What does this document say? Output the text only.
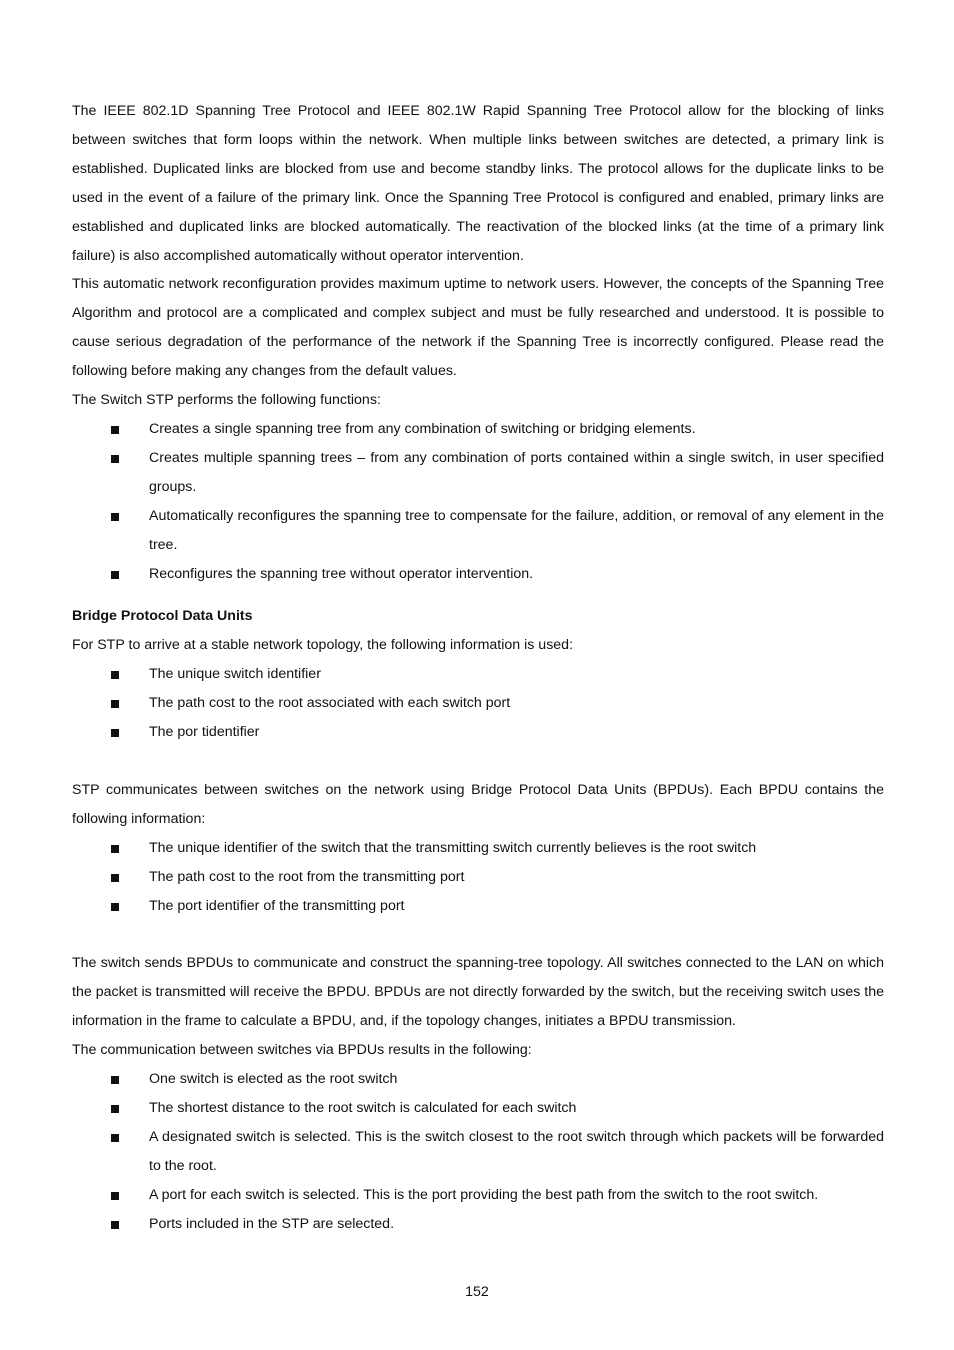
The IEEE 802.1D Spanning Tree Protocol and IEEE 802.1W Rapid Spanning Tree Protocol allow for the blocking of links between switches that form loops within the network. When multiple links between switches are detected, a primary link is established. Duplicated links are blocked from use and become standby links. The protocol allows for the duplicate links to be used in the event of a failure of the primary link. Once the Spanning Tree Protocol is configured and enabled, primary links are established and duplicated links are blocked automatically. The reactivation of the blocked links (at the time of a primary link failure) is also accomplished automatically without operator intervention.

This automatic network reconfiguration provides maximum uptime to network users. However, the concepts of the Spanning Tree Algorithm and protocol are a complicated and complex subject and must be fully researched and understood. It is possible to cause serious degradation of the performance of the network if the Spanning Tree is incorrectly configured. Please read the following before making any changes from the default values.

The Switch STP performs the following functions:

Creates a single spanning tree from any combination of switching or bridging elements.
Creates multiple spanning trees – from any combination of ports contained within a single switch, in user specified groups.
Automatically reconfigures the spanning tree to compensate for the failure, addition, or removal of any element in the tree.
Reconfigures the spanning tree without operator intervention.
Bridge Protocol Data Units

For STP to arrive at a stable network topology, the following information is used:

The unique switch identifier
The path cost to the root associated with each switch port
The por tidentifier

STP communicates between switches on the network using Bridge Protocol Data Units (BPDUs). Each BPDU contains the following information:

The unique identifier of the switch that the transmitting switch currently believes is the root switch
The path cost to the root from the transmitting port
The port identifier of the transmitting port

The switch sends BPDUs to communicate and construct the spanning-tree topology. All switches connected to the LAN on which the packet is transmitted will receive the BPDU. BPDUs are not directly forwarded by the switch, but the receiving switch uses the information in the frame to calculate a BPDU, and, if the topology changes, initiates a BPDU transmission.

The communication between switches via BPDUs results in the following:

One switch is elected as the root switch
The shortest distance to the root switch is calculated for each switch
A designated switch is selected. This is the switch closest to the root switch through which packets will be forwarded to the root.
A port for each switch is selected. This is the port providing the best path from the switch to the root switch.
Ports included in the STP are selected.
152
